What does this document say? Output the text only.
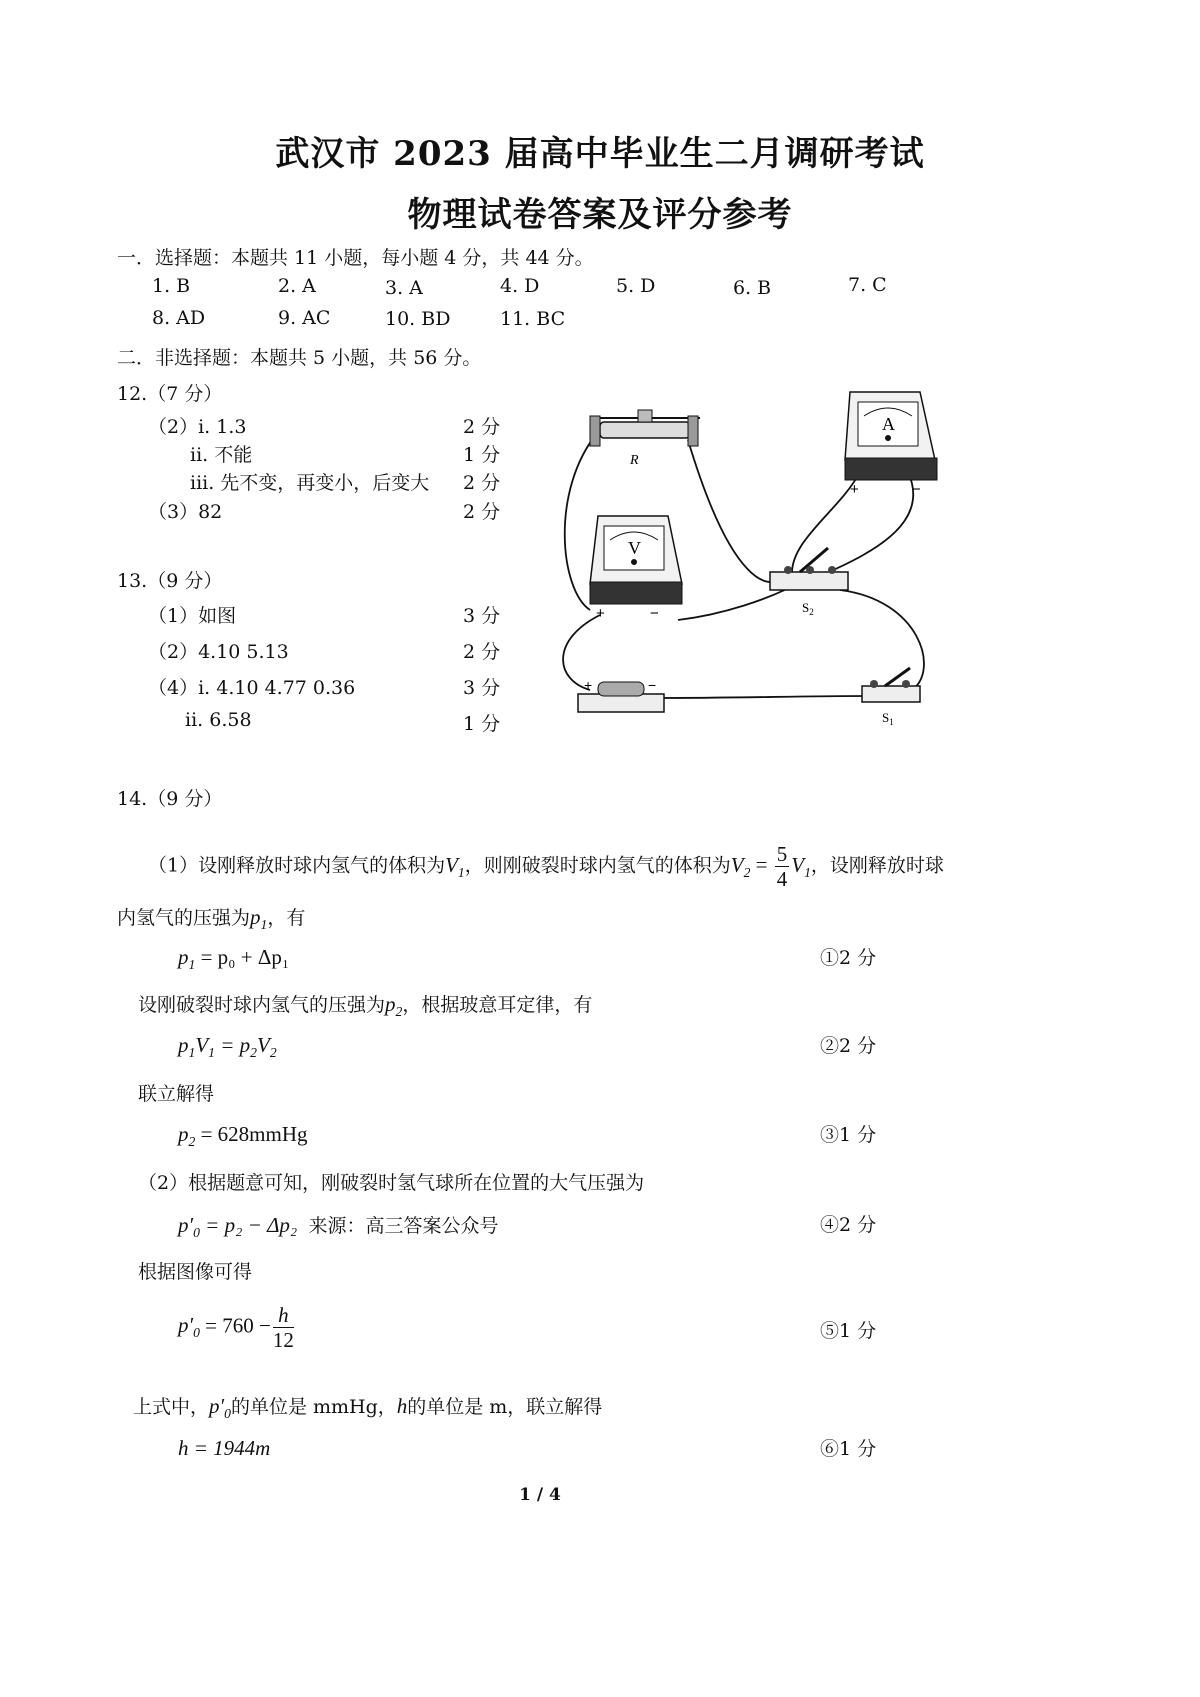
武汉市 2023 届高中毕业生二月调研考试
物理试卷答案及评分参考
一．选择题：本题共 11 小题，每小题 4 分，共 44 分。
1. B	2. A	3. A	4. D	5. D	6. B	7. C
8. AD	9. AC	10. BD	11. BC
二．非选择题：本题共 5 小题，共 56 分。
12.（7 分）
（2）i. 1.3	2 分
ii. 不能	1 分
iii. 先不变，再变小，后变大 2 分
（3）82	2 分
13.（9 分）
（1）如图	3 分
（2）4.10 5.13	2 分
（4）i. 4.10 4.77 0.36	3 分
ii. 6.58	1 分
R
A
+	−
V
+	−	$S_2$
+	−
$S_1$
14.（9 分）
（1）设刚释放时球内氢气的体积为$V_1$，则刚破裂时球内氢气的体积为$V_2 = \frac{5}{4} V_1$，设刚释放时球
内氢气的压强为$p_1$，有
$p_1 = p_0 + \Delta p_1$	①2 分
设刚破裂时球内氢气的压强为$p_2$，根据玻意耳定律，有
$p_1V_1 = p_2V_2$	②2 分
联立解得
$p_2$ = 628mmHg	③1 分
（2）根据题意可知，刚破裂时氢气球所在位置的大气压强为
$p'_0 = p_2 - \Delta p_2$ 来源：高三答案公众号	④2 分
根据图像可得
$p'_0 = 760 - \frac{h}{12}$	⑤1 分
上式中，$p'_0$的单位是 mmHg，h的单位是 m，联立解得
h = 1944m	⑥1 分
1 / 4
